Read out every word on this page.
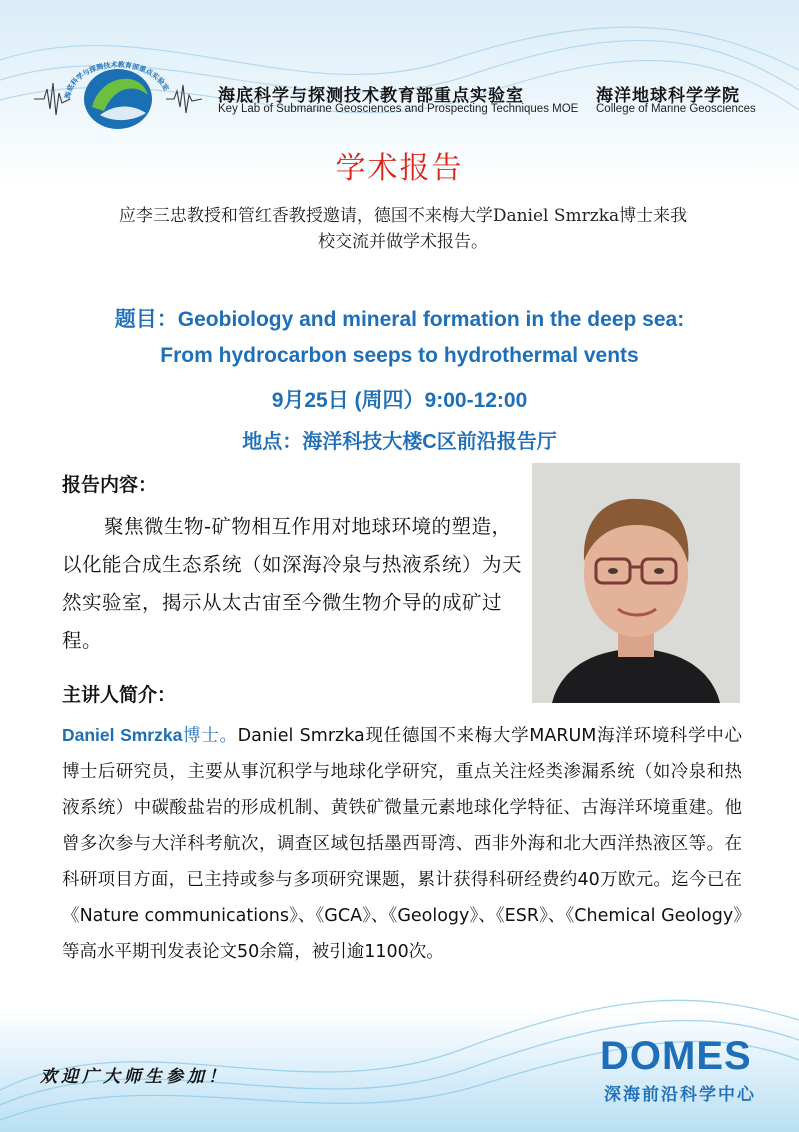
海底科学与探测技术教育部重点实验室	海底科学与探测技术教育部重点实验室
Key Lab of Submarine Geosciences and Prospecting Techniques MOE
海洋地球科学学院
College of Marine Geosciences
学术报告
应李三忠教授和管红香教授邀请，德国不来梅大学Daniel Smrzka博士来我校交流并做学术报告。
题目：Geobiology and mineral formation in the deep sea:
From hydrocarbon seeps to hydrothermal vents
9月25日 (周四）9:00-12:00
地点：海洋科技大楼C区前沿报告厅
报告内容：
聚焦微生物-矿物相互作用对地球环境的塑造，以化能合成生态系统（如深海冷泉与热液系统）为天然实验室，揭示从太古宙至今微生物介导的成矿过程。
主讲人简介：
Daniel Smrzka博士。Daniel Smrzka现任德国不来梅大学MARUM海洋环境科学中心博士后研究员，主要从事沉积学与地球化学研究，重点关注烃类渗漏系统（如冷泉和热液系统）中碳酸盐岩的形成机制、黄铁矿微量元素地球化学特征、古海洋环境重建。他曾多次参与大洋科考航次，调查区域包括墨西哥湾、西非外海和北大西洋热液区等。在科研项目方面，已主持或参与多项研究课题，累计获得科研经费约40万欧元。迄今已在《Nature communications》、《GCA》、《Geology》、《ESR》、《Chemical Geology》等高水平期刊发表论文50余篇，被引逾1100次。
欢迎广大师生参加！	DOMES
深海前沿科学中心
